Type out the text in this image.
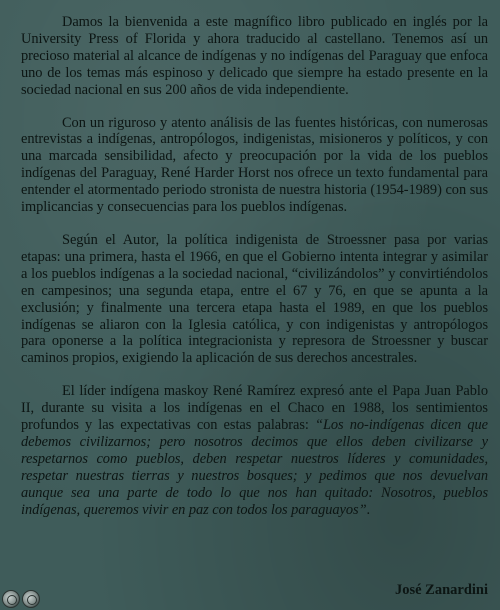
Damos la bienvenida a este magnífico libro publicado en inglés por la University Press of Florida y ahora traducido al castellano. Tenemos así un precioso material al alcance de indígenas y no indígenas del Paraguay que enfoca uno de los temas más espinoso y delicado que siempre ha estado presente en la sociedad nacional en sus 200 años de vida independiente.

Con un riguroso y atento análisis de las fuentes históricas, con numerosas entrevistas a indígenas, antropólogos, indigenistas, misioneros y políticos, y con una marcada sensibilidad, afecto y preocupación por la vida de los pueblos indígenas del Paraguay, René Harder Horst nos ofrece un texto fundamental para entender el atormentado periodo stronista de nuestra historia (1954-1989) con sus implicancias y consecuencias para los pueblos indígenas.

Según el Autor, la política indigenista de Stroessner pasa por varias etapas: una primera, hasta el 1966, en que el Gobierno intenta integrar y asimilar a los pueblos indígenas a la sociedad nacional, “civilizándolos” y convirtiéndolos en campesinos; una segunda etapa, entre el 67 y 76, en que se apunta a la exclusión; y finalmente una tercera etapa hasta el 1989, en que los pueblos indígenas se aliaron con la Iglesia católica, y con indigenistas y antropólogos para oponerse a la política integracionista y represora de Stroessner y buscar caminos propios, exigiendo la aplicación de sus derechos ancestrales.

El líder indígena maskoy René Ramírez expresó ante el Papa Juan Pablo II, durante su visita a los indígenas en el Chaco en 1988, los sentimientos profundos y las expectativas con estas palabras: “Los no-indígenas dicen que debemos civilizarnos; pero nosotros decimos que ellos deben civilizarse y respetarnos como pueblos, deben respetar nuestros líderes y comunidades, respetar nuestras tierras y nuestros bosques; y pedimos que nos devuelvan aunque sea una parte de todo lo que nos han quitado: Nosotros, pueblos indígenas, queremos vivir en paz con todos los paraguayos”.

José Zanardini
